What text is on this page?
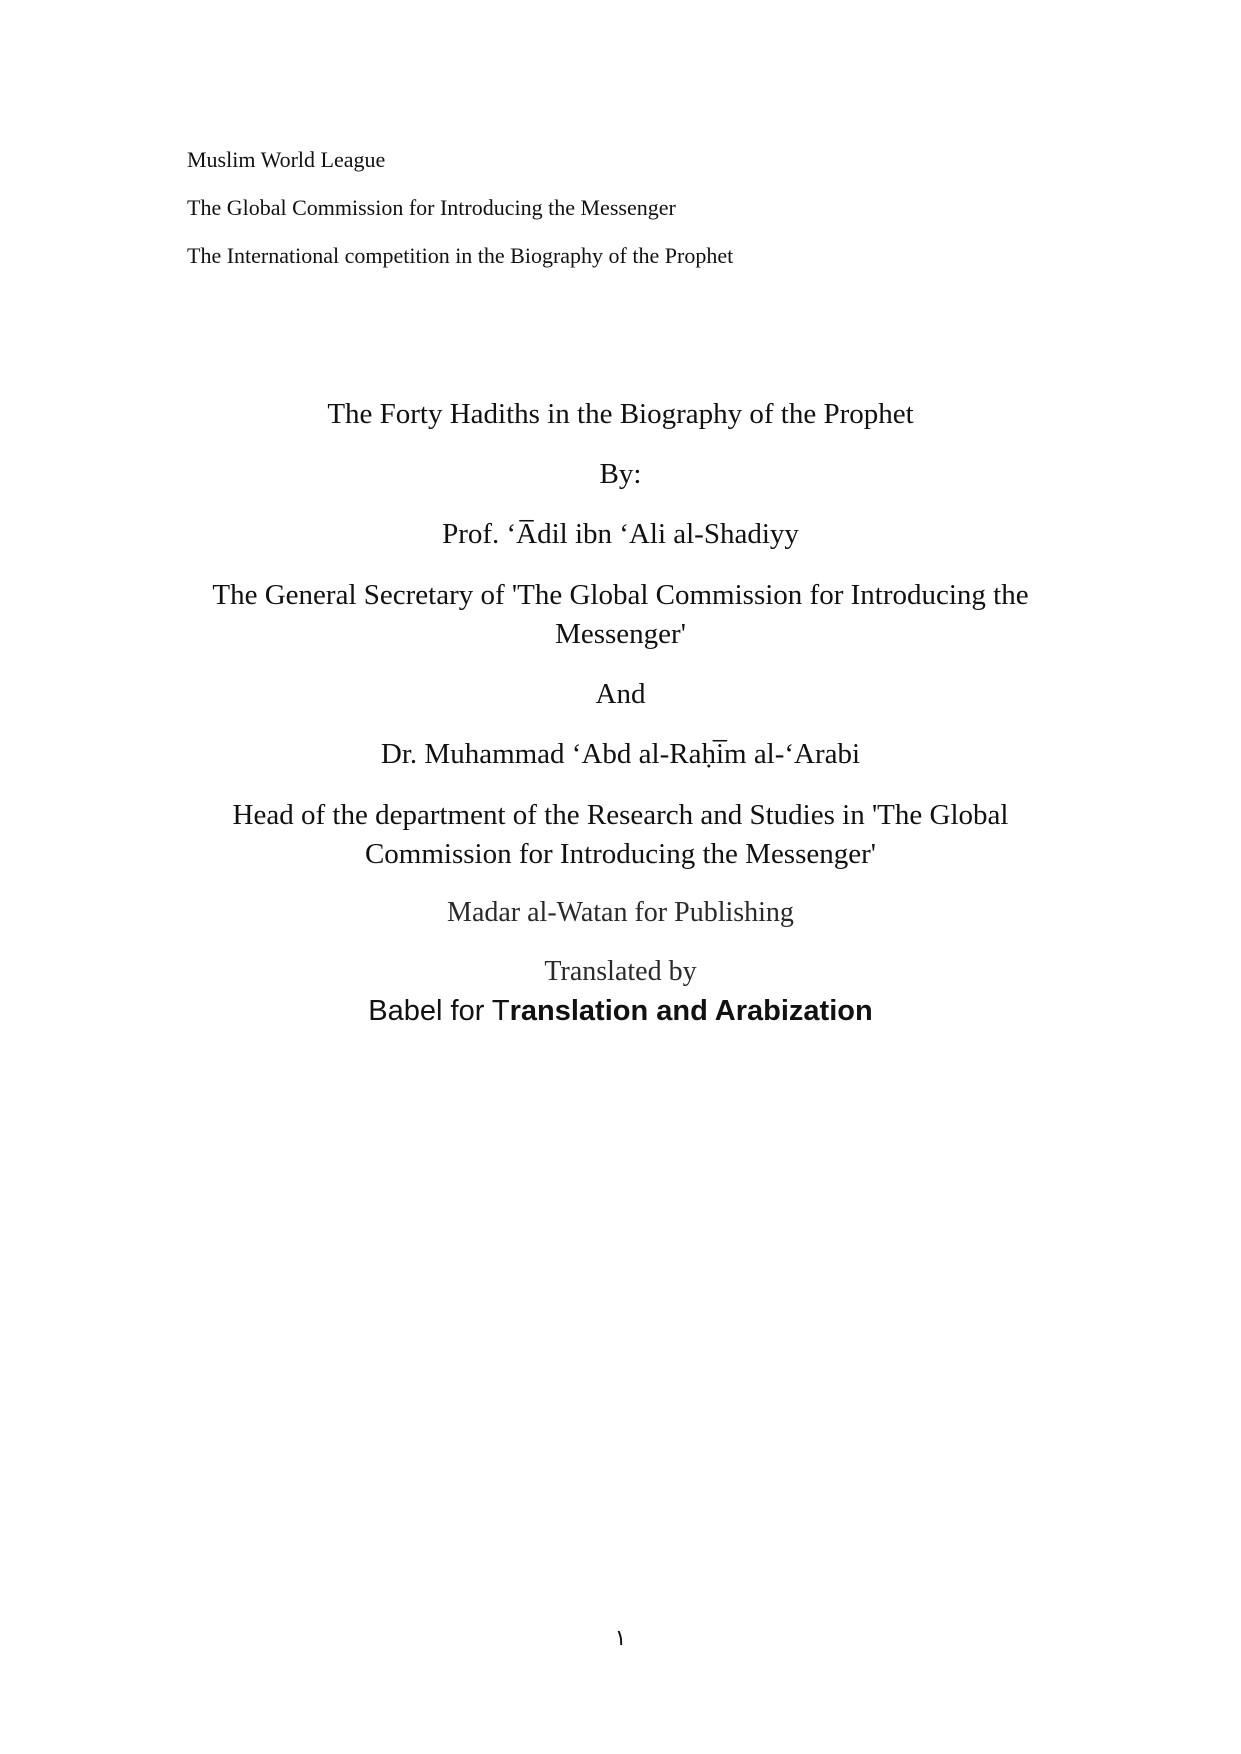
Muslim World League
The Global Commission for Introducing the Messenger
The International competition in the Biography of the Prophet
The Forty Hadiths in the Biography of the Prophet
By:
Prof. ‘A̅dil ibn ‘Ali al-Shadiyy
The General Secretary of 'The Global Commission for Introducing the
Messenger'
And
Dr. Muhammad ‘Abd al-Raḥi̅m al-‘Arabi
Head of the department of the Research and Studies in 'The Global
Commission for Introducing the Messenger'
Madar al-Watan for Publishing
Translated by
Babel for Translation and Arabization
١
